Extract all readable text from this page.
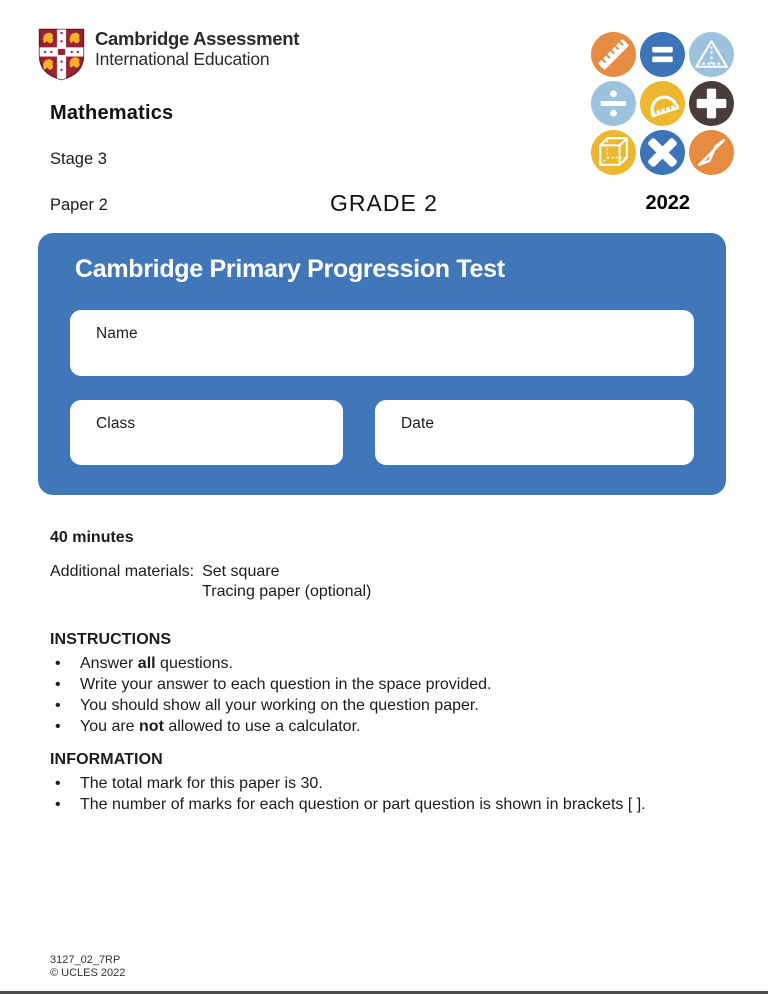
Cambridge Assessment
International Education
Mathematics
Stage 3
Paper 2	GRADE 2	2022
Cambridge Primary Progression Test
Name
Class	Date
40 minutes
Additional materials: Set square
Tracing paper (optional)
INSTRUCTIONS
• Answer all questions.
• Write your answer to each question in the space provided.
• You should show all your working on the question paper.
• You are not allowed to use a calculator.
INFORMATION
• The total mark for this paper is 30.
• The number of marks for each question or part question is shown in brackets [ ].
3127_02_7RP
© UCLES 2022
